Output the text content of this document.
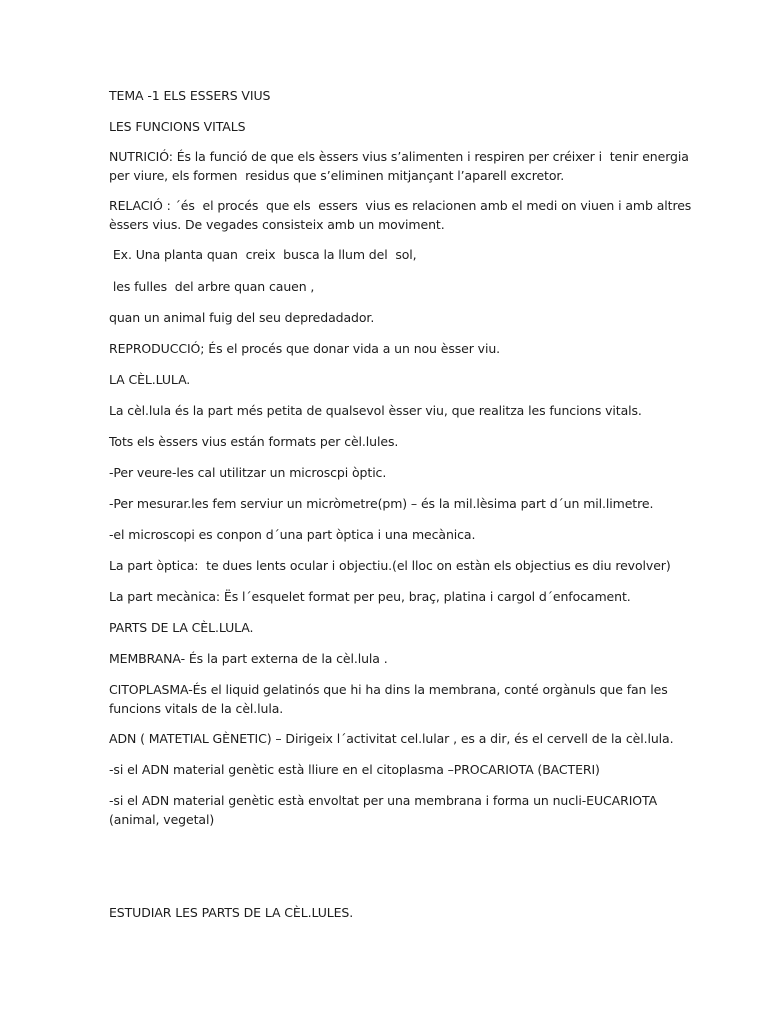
TEMA -1 ELS ESSERS VIUS
LES FUNCIONS VITALS
NUTRICIÓ: És la funció de que els èssers vius s’alimenten i respiren per créixer i  tenir energia
per viure, els formen  residus que s’eliminen mitjançant l’aparell excretor.
RELACIÓ : ´és  el procés  que els  essers  vius es relacionen amb el medi on viuen i amb altres
èssers vius. De vegades consisteix amb un moviment.
Ex. Una planta quan  creix  busca la llum del  sol,
les fulles  del arbre quan cauen ,
quan un animal fuig del seu depredadador.
REPRODUCCIÓ; És el procés que donar vida a un nou èsser viu.
LA CÈL.LULA.
La cèl.lula és la part més petita de qualsevol èsser viu, que realitza les funcions vitals.
Tots els èssers vius están formats per cèl.lules.
-Per veure-les cal utilitzar un microscpi òptic.
-Per mesurar.les fem serviur un micròmetre(pm) – és la mil.lèsima part d´un mil.limetre.
-el microscopi es conpon d´una part òptica i una mecànica.
La part òptica:  te dues lents ocular i objectiu.(el lloc on estàn els objectius es diu revolver)
La part mecànica: Ës l´esquelet format per peu, braç, platina i cargol d´enfocament.
PARTS DE LA CÈL.LULA.
MEMBRANA- És la part externa de la cèl.lula .
CITOPLASMA-És el liquid gelatinós que hi ha dins la membrana, conté orgànuls que fan les
funcions vitals de la cèl.lula.
ADN ( MATETIAL GÈNETIC) – Dirigeix l´activitat cel.lular , es a dir, és el cervell de la cèl.lula.
-si el ADN material genètic està lliure en el citoplasma –PROCARIOTA (BACTERI)
-si el ADN material genètic està envoltat per una membrana i forma un nucli-EUCARIOTA
(animal, vegetal)
ESTUDIAR LES PARTS DE LA CÈL.LULES.
